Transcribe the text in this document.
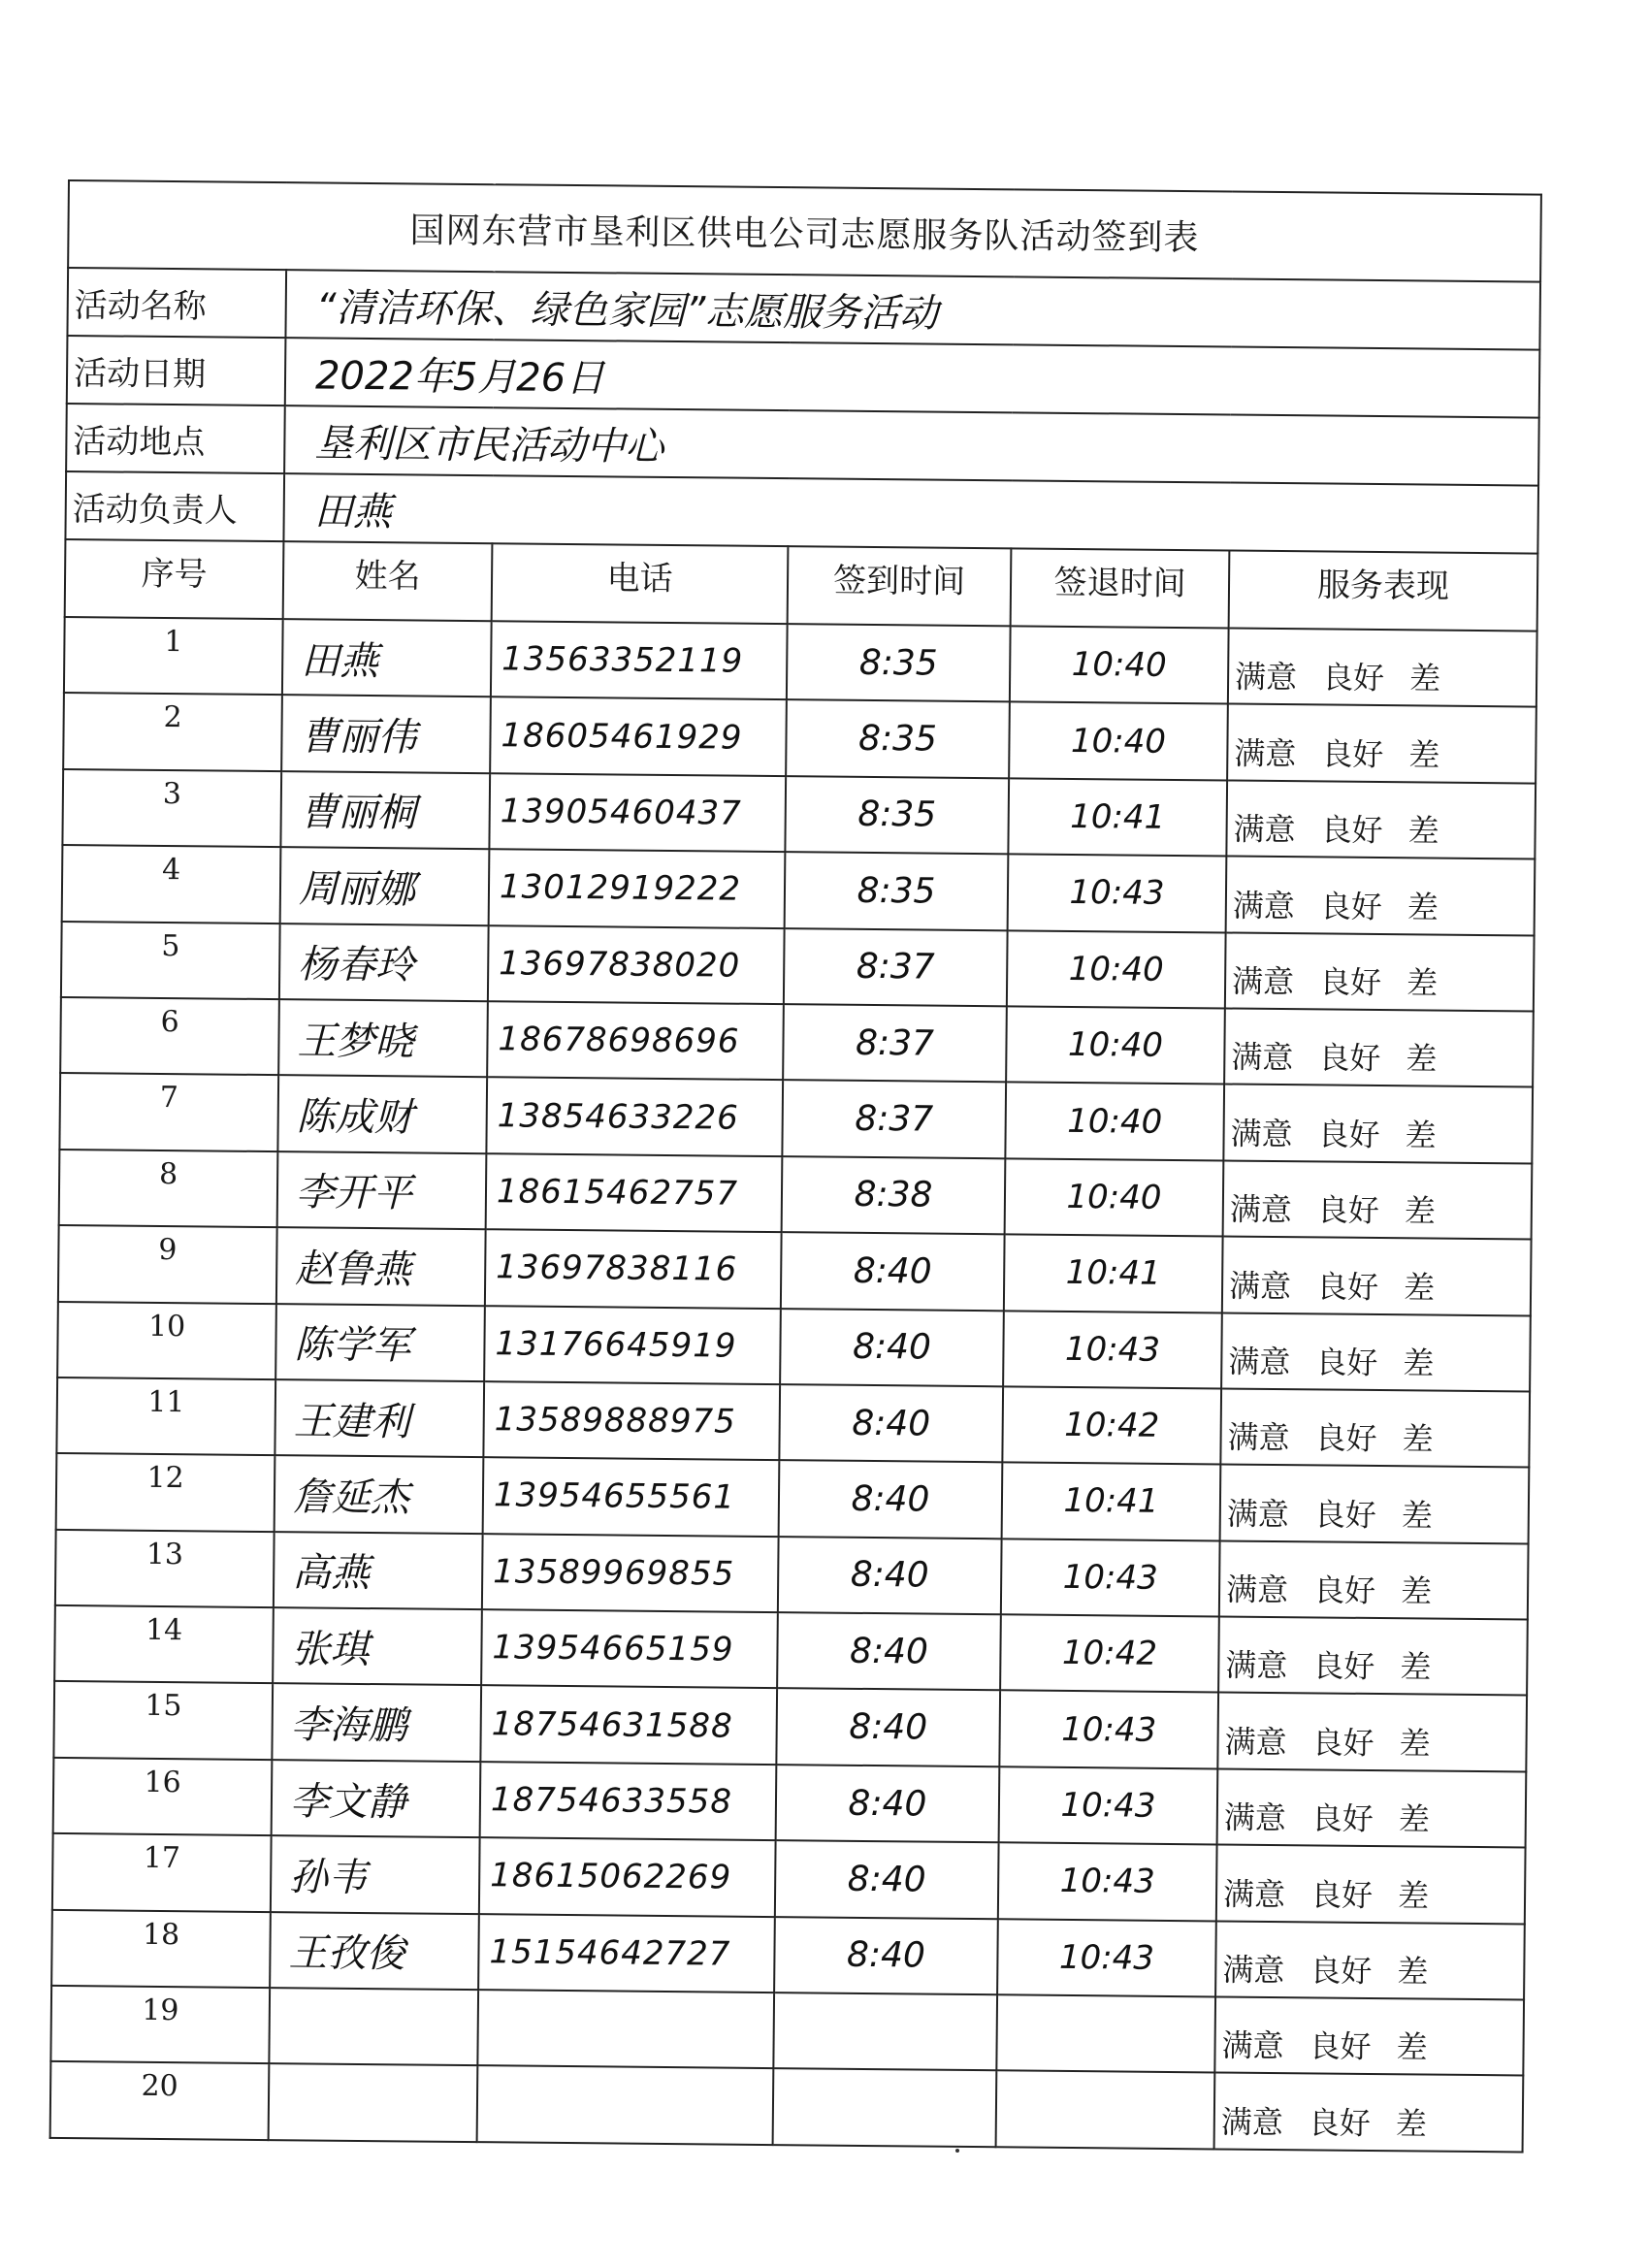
国网东营市垦利区供电公司志愿服务队活动签到表					
活动名称	“清洁环保、绿色家园”志愿服务活动				
活动日期	2022年5月26日				
活动地点	垦利区市民活动中心				
活动负责人	田燕				
序号	姓名	电话	签到时间	签退时间	服务表现
1	田燕	13563352119	8:35	10:40	满意 良好 差
2	曹丽伟	18605461929	8:35	10:40	满意 良好 差
3	曹丽桐	13905460437	8:35	10:41	满意 良好 差
4	周丽娜	13012919222	8:35	10:43	满意 良好 差
5	杨春玲	13697838020	8:37	10:40	满意 良好 差
6	王梦晓	18678698696	8:37	10:40	满意 良好 差
7	陈成财	13854633226	8:37	10:40	满意 良好 差
8	李开平	18615462757	8:38	10:40	满意 良好 差
9	赵鲁燕	13697838116	8:40	10:41	满意 良好 差
10	陈学军	13176645919	8:40	10:43	满意 良好 差
11	王建利	13589888975	8:40	10:42	满意 良好 差
12	詹延杰	13954655561	8:40	10:41	满意 良好 差
13	高燕	13589969855	8:40	10:43	满意 良好 差
14	张琪	13954665159	8:40	10:42	满意 良好 差
15	李海鹏	18754631588	8:40	10:43	满意 良好 差
16	李文静	18754633558	8:40	10:43	满意 良好 差
17	孙韦	18615062269	8:40	10:43	满意 良好 差
18	王孜俊	15154642727	8:40	10:43	满意 良好 差
19					满意 良好 差
20					满意 良好 差
